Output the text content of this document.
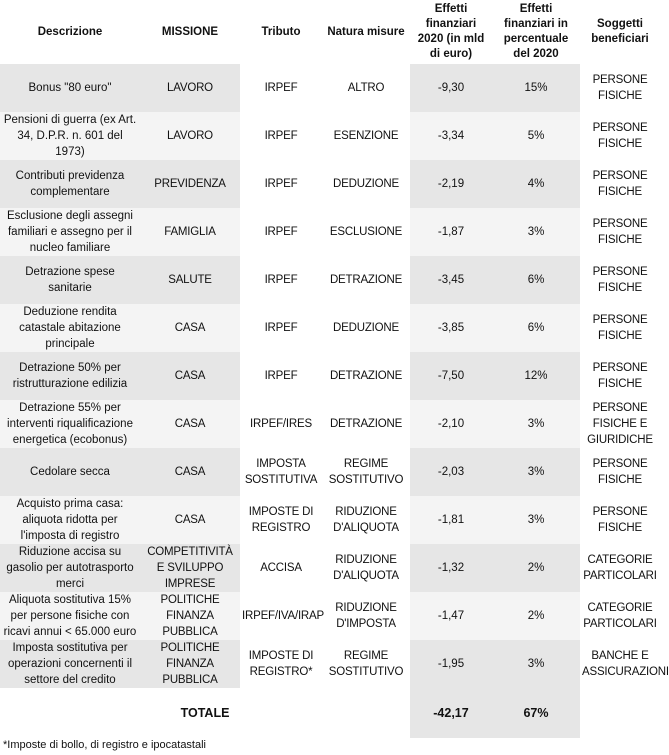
Descrizione	MISSIONE	Tributo	Natura misure	Effetti finanziari 2020 (in mld di euro)	Effetti finanziari in percentuale del 2020	Soggetti beneficiari
Bonus "80 euro"	LAVORO	IRPEF	ALTRO	-9,30	15%	PERSONE FISICHE
Pensioni di guerra (ex Art. 34, D.P.R. n. 601 del 1973)	LAVORO	IRPEF	ESENZIONE	-3,34	5%	PERSONE FISICHE
Contributi previdenza complementare	PREVIDENZA	IRPEF	DEDUZIONE	-2,19	4%	PERSONE FISICHE
Esclusione degli assegni familiari e assegno per il nucleo familiare	FAMIGLIA	IRPEF	ESCLUSIONE	-1,87	3%	PERSONE FISICHE
Detrazione spese sanitarie	SALUTE	IRPEF	DETRAZIONE	-3,45	6%	PERSONE FISICHE
Deduzione rendita catastale abitazione principale	CASA	IRPEF	DEDUZIONE	-3,85	6%	PERSONE FISICHE
Detrazione 50% per ristrutturazione edilizia	CASA	IRPEF	DETRAZIONE	-7,50	12%	PERSONE FISICHE
Detrazione 55% per interventi riqualificazione energetica (ecobonus)	CASA	IRPEF/IRES	DETRAZIONE	-2,10	3%	PERSONE FISICHE E GIURIDICHE
Cedolare secca	CASA	IMPOSTA SOSTITUTIVA	REGIME SOSTITUTIVO	-2,03	3%	PERSONE FISICHE
Acquisto prima casa: aliquota ridotta per l'imposta di registro	CASA	IMPOSTE DI REGISTRO	RIDUZIONE D'ALIQUOTA	-1,81	3%	PERSONE FISICHE
Riduzione accisa su gasolio per autotrasporto merci	COMPETITIVITÀ E SVILUPPO IMPRESE	ACCISA	RIDUZIONE D'ALIQUOTA	-1,32	2%	CATEGORIE PARTICOLARI
Aliquota sostitutiva 15% per persone fisiche con ricavi annui < 65.000 euro	POLITICHE FINANZA PUBBLICA	IRPEF/IVA/IRAP	RIDUZIONE D'IMPOSTA	-1,47	2%	CATEGORIE PARTICOLARI
Imposta sostitutiva per operazioni concernenti il settore del credito	POLITICHE FINANZA PUBBLICA	IMPOSTE DI REGISTRO*	REGIME SOSTITUTIVO	-1,95	3%	BANCHE E ASSICURAZIONI
TOTALE				-42,17	67%	
*Imposte di bollo, di registro e ipocatastali
